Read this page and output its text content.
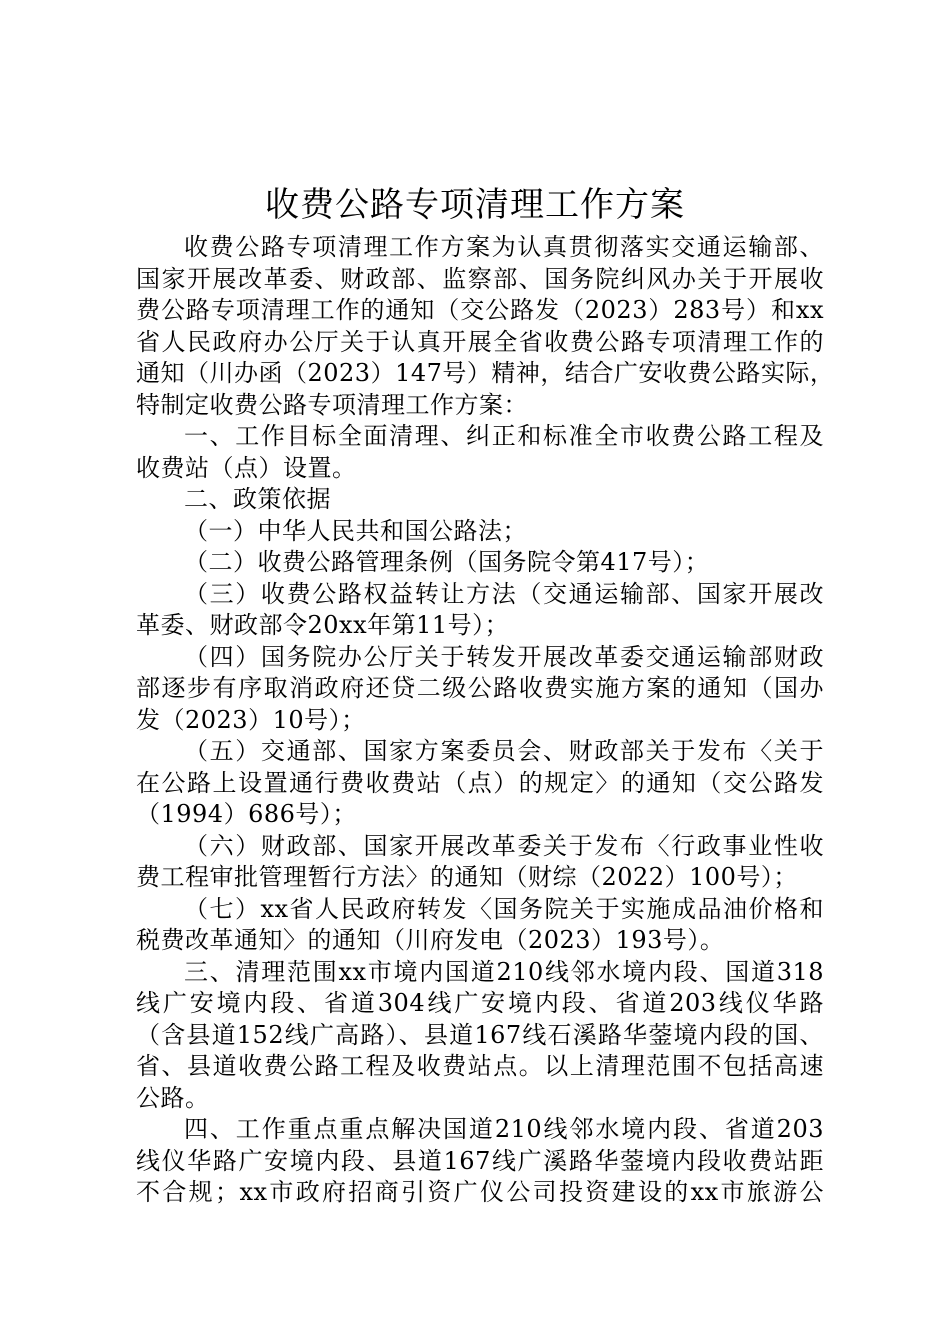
收费公路专项清理工作方案
收费公路专项清理工作方案为认真贯彻落实交通运输部、
国家开展改革委、财政部、监察部、国务院纠风办关于开展收
费公路专项清理工作的通知（交公路发（2023）283号）和xx
省人民政府办公厅关于认真开展全省收费公路专项清理工作的
通知（川办函（2023）147号）精神，结合广安收费公路实际，
特制定收费公路专项清理工作方案：
一、工作目标全面清理、纠正和标准全市收费公路工程及
收费站（点）设置。
二、政策依据
（一）中华人民共和国公路法；
（二）收费公路管理条例（国务院令第417号）；
（三）收费公路权益转让方法（交通运输部、国家开展改
革委、财政部令20xx年第11号）；
（四）国务院办公厅关于转发开展改革委交通运输部财政
部逐步有序取消政府还贷二级公路收费实施方案的通知（国办
发（2023）10号）；
（五）交通部、国家方案委员会、财政部关于发布〈关于
在公路上设置通行费收费站（点）的规定〉的通知（交公路发
（1994）686号）；
（六）财政部、国家开展改革委关于发布〈行政事业性收
费工程审批管理暂行方法〉的通知（财综（2022）100号）；
（七）xx省人民政府转发〈国务院关于实施成品油价格和
税费改革通知〉的通知（川府发电（2023）193号）。
三、清理范围xx市境内国道210线邻水境内段、国道318
线广安境内段、省道304线广安境内段、省道203线仪华路
（含县道152线广高路）、县道167线石溪路华蓥境内段的国、
省、县道收费公路工程及收费站点。以上清理范围不包括高速
公路。
四、工作重点重点解决国道210线邻水境内段、省道203
线仪华路广安境内段、县道167线广溪路华蓥境内段收费站距
不合规；xx市政府招商引资广仪公司投资建设的xx市旅游公
